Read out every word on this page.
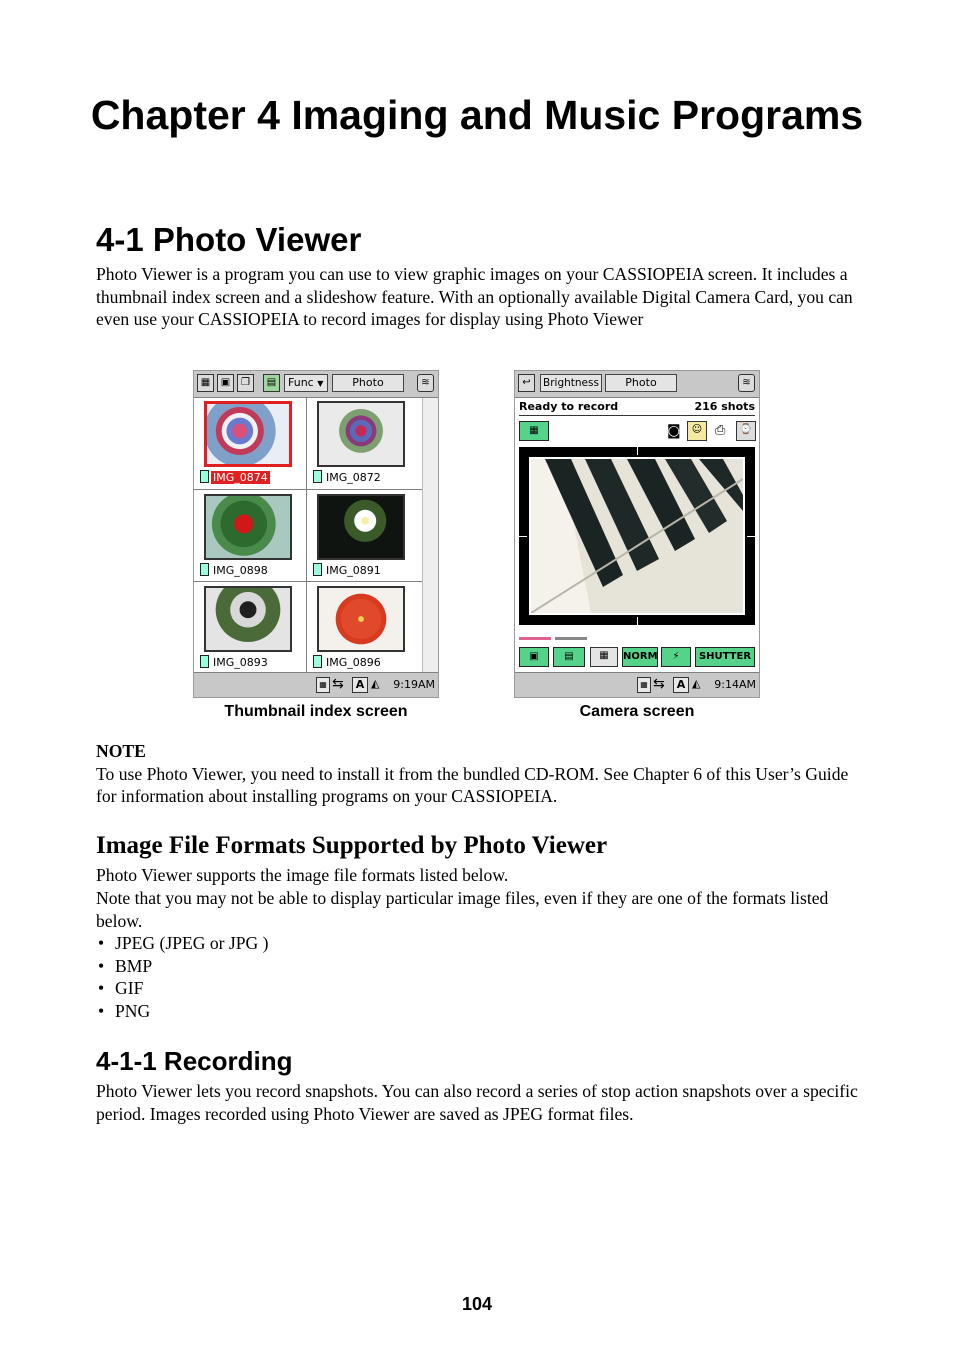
Chapter 4 Imaging and Music Programs
4-1 Photo Viewer

Photo Viewer is a program you can use to view graphic images on your CASSIOPEIA screen. It includes a thumbnail index screen and a slideshow feature. With an optionally available Digital Camera Card, you can even use your CASSIOPEIA to record images for display using Photo Viewer

▦	▣	❐	▤	Func ▼	Photo	≋
IMG_0874	IMG_0872
IMG_0898	IMG_0891
IMG_0893	IMG_0896
▦ ⇆	A ◭ 9:19AM
Thumbnail index screen
↩	Brightness	Photo	≋
Ready to record	216 shots
▦	◙	☺ ⎙	⌚
▣	▤	▦	NORM	⚡	SHUTTER
▦ ⇆	A ◭ 9:14AM
Camera screen
NOTE
To use Photo Viewer, you need to install it from the bundled CD-ROM. See Chapter 6 of this User’s Guide for information about installing programs on your CASSIOPEIA.
Image File Formats Supported by Photo Viewer

Photo Viewer supports the image file formats listed below.

Note that you may not be able to display particular image files, even if they are one of the formats listed below.

• JPEG (JPEG or JPG )
• BMP
• GIF
• PNG
4-1-1 Recording

Photo Viewer lets you record snapshots. You can also record a series of stop action snapshots over a specific period. Images recorded using Photo Viewer are saved as JPEG format files.

104
